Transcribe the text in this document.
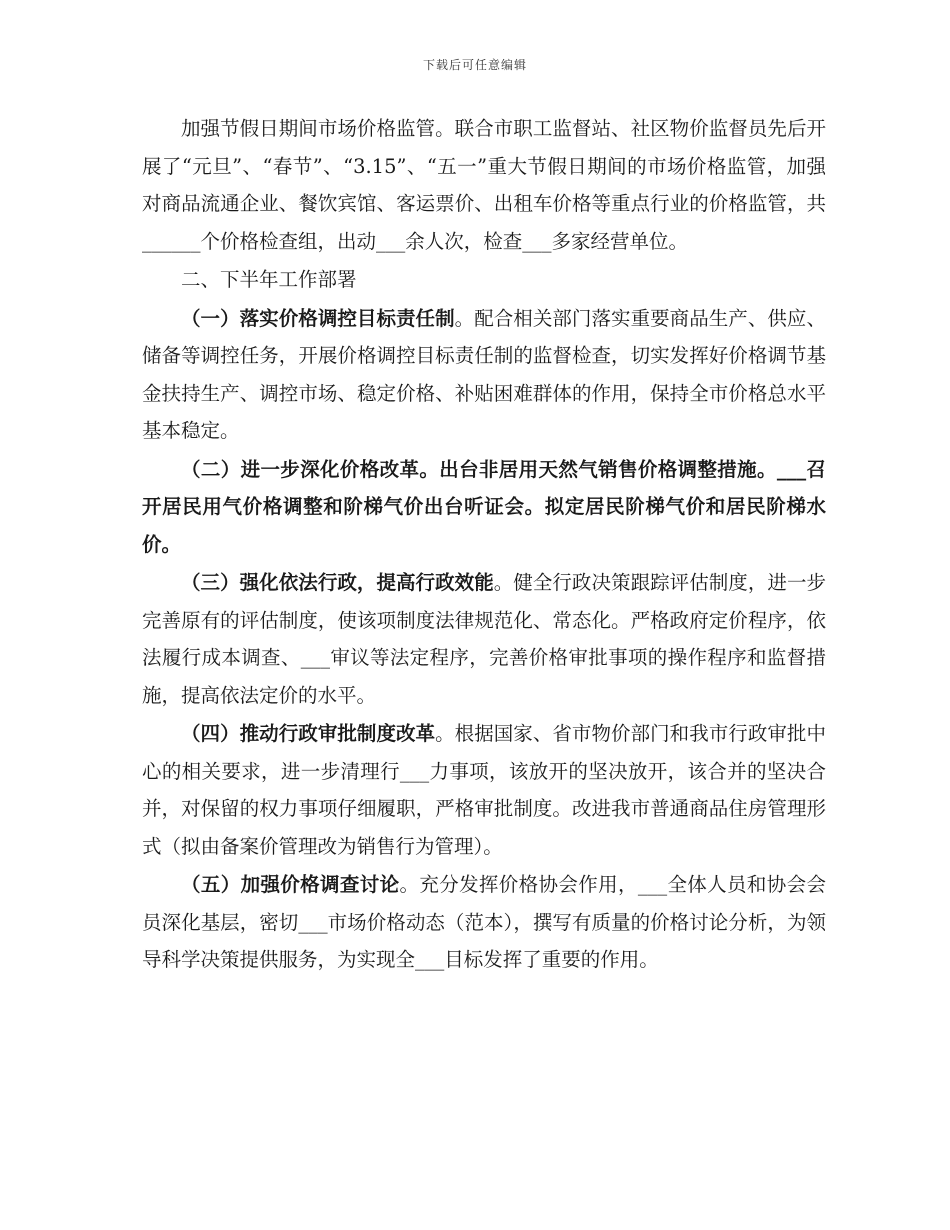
下载后可任意编辑

加强节假日期间市场价格监管。联合市职工监督站、社区物价监督员先后开展了“元旦”、“春节”、“3.15”、“五一”重大节假日期间的市场价格监管，加强对商品流通企业、餐饮宾馆、客运票价、出租车价格等重点行业的价格监管，共______个价格检查组，出动___余人次，检查___多家经营单位。

二、下半年工作部署

（一）落实价格调控目标责任制。配合相关部门落实重要商品生产、供应、储备等调控任务，开展价格调控目标责任制的监督检查，切实发挥好价格调节基金扶持生产、调控市场、稳定价格、补贴困难群体的作用，保持全市价格总水平基本稳定。

（二）进一步深化价格改革。出台非居用天然气销售价格调整措施。___召开居民用气价格调整和阶梯气价出台听证会。拟定居民阶梯气价和居民阶梯水价。

（三）强化依法行政，提高行政效能。健全行政决策跟踪评估制度，进一步完善原有的评估制度，使该项制度法律规范化、常态化。严格政府定价程序，依法履行成本调查、___审议等法定程序，完善价格审批事项的操作程序和监督措施，提高依法定价的水平。

（四）推动行政审批制度改革。根据国家、省市物价部门和我市行政审批中心的相关要求，进一步清理行___力事项，该放开的坚决放开，该合并的坚决合并，对保留的权力事项仔细履职，严格审批制度。改进我市普通商品住房管理形式（拟由备案价管理改为销售行为管理）。

（五）加强价格调查讨论。充分发挥价格协会作用，___全体人员和协会会员深化基层，密切___市场价格动态（范本），撰写有质量的价格讨论分析，为领导科学决策提供服务，为实现全___目标发挥了重要的作用。
